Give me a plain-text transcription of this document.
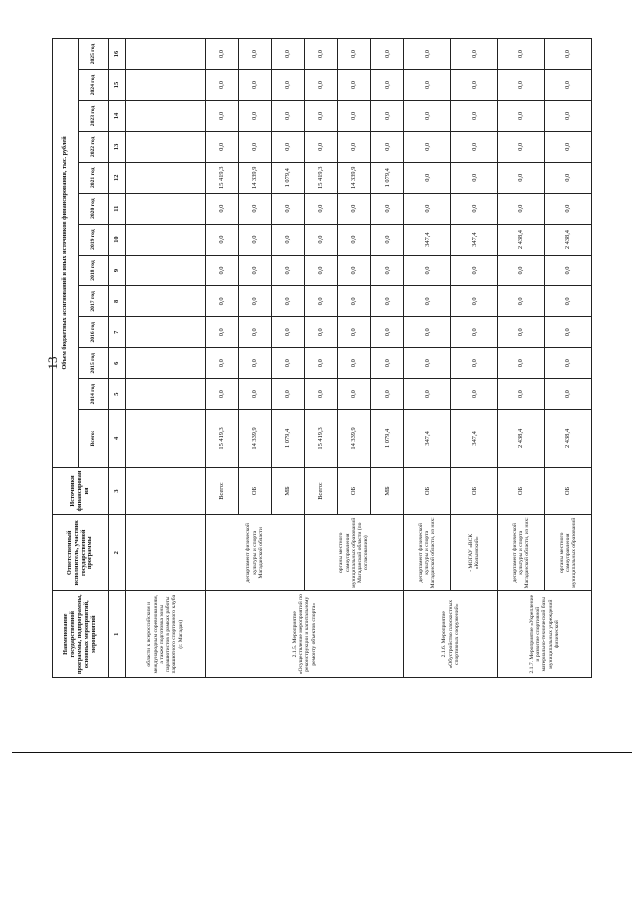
13
Наименование государственной программы, подпрограммы, основных мероприятий, мероприятий	Ответственный исполнитель, участник государственной программы	Источники финансирования	Объем бюджетных ассигнований и иных источников финансирования, тыс. рублей												
			Всего:	2014 год	2015 год	2016 год	2017 год	2018 год	2019 год	2020 год	2021 год	2022 год	2023 год	2024 год	2025 год
1	2	3	4	5	6	7	8	9	10	11	12	13	14	15	16
области к всероссийским и международным соревнованиям, а также подготовка зоны парашютистов в рамках работы парашютного спортивного клуба (г. Магадан)															
2.1.5. Мероприятие «Осуществление мероприятий по реконструкции и капитальному ремонту объектов спорта»	департамент физической культуры и спорта Магаданской области	Всего:	15 419,3	0,0	0,0	0,0	0,0	0,0	0,0	0,0	15 419,3	0,0	0,0	0,0	0,0
		ОБ	14 339,9	0,0	0,0	0,0	0,0	0,0	0,0	0,0	14 339,9	0,0	0,0	0,0	0,0
		МБ	1 079,4	0,0	0,0	0,0	0,0	0,0	0,0	0,0	1 079,4	0,0	0,0	0,0	0,0
	органы местного самоуправления муниципальных образований Магаданской области (по согласованию)	Всего:	15 419,3	0,0	0,0	0,0	0,0	0,0	0,0	0,0	15 419,3	0,0	0,0	0,0	0,0
		ОБ	14 339,9	0,0	0,0	0,0	0,0	0,0	0,0	0,0	14 339,9	0,0	0,0	0,0	0,0
		МБ	1 079,4	0,0	0,0	0,0	0,0	0,0	0,0	0,0	1 079,4	0,0	0,0	0,0	0,0
2.1.6. Мероприятие «Обустройство плоскостных спортивных сооружений»	департамент физической культуры и спорта Магаданской области, из них:	ОБ	347,4	0,0	0,0	0,0	0,0	0,0	347,4	0,0	0,0	0,0	0,0	0,0	0,0
	- МОГАУ «ВСК «Колымский»	ОБ	347,4	0,0	0,0	0,0	0,0	0,0	347,4	0,0	0,0	0,0	0,0	0,0	0,0
2.1.7. Мероприятие «Укрепление и развитие спортивной материально-технической базы муниципальных учреждений физической	департамент физической культуры и спорта Магаданской области, из них:	ОБ	2 438,4	0,0	0,0	0,0	0,0	0,0	2 438,4	0,0	0,0	0,0	0,0	0,0	0,0
	органы местного самоуправления муниципальных образований	ОБ	2 438,4	0,0	0,0	0,0	0,0	0,0	2 438,4	0,0	0,0	0,0	0,0	0,0	0,0
